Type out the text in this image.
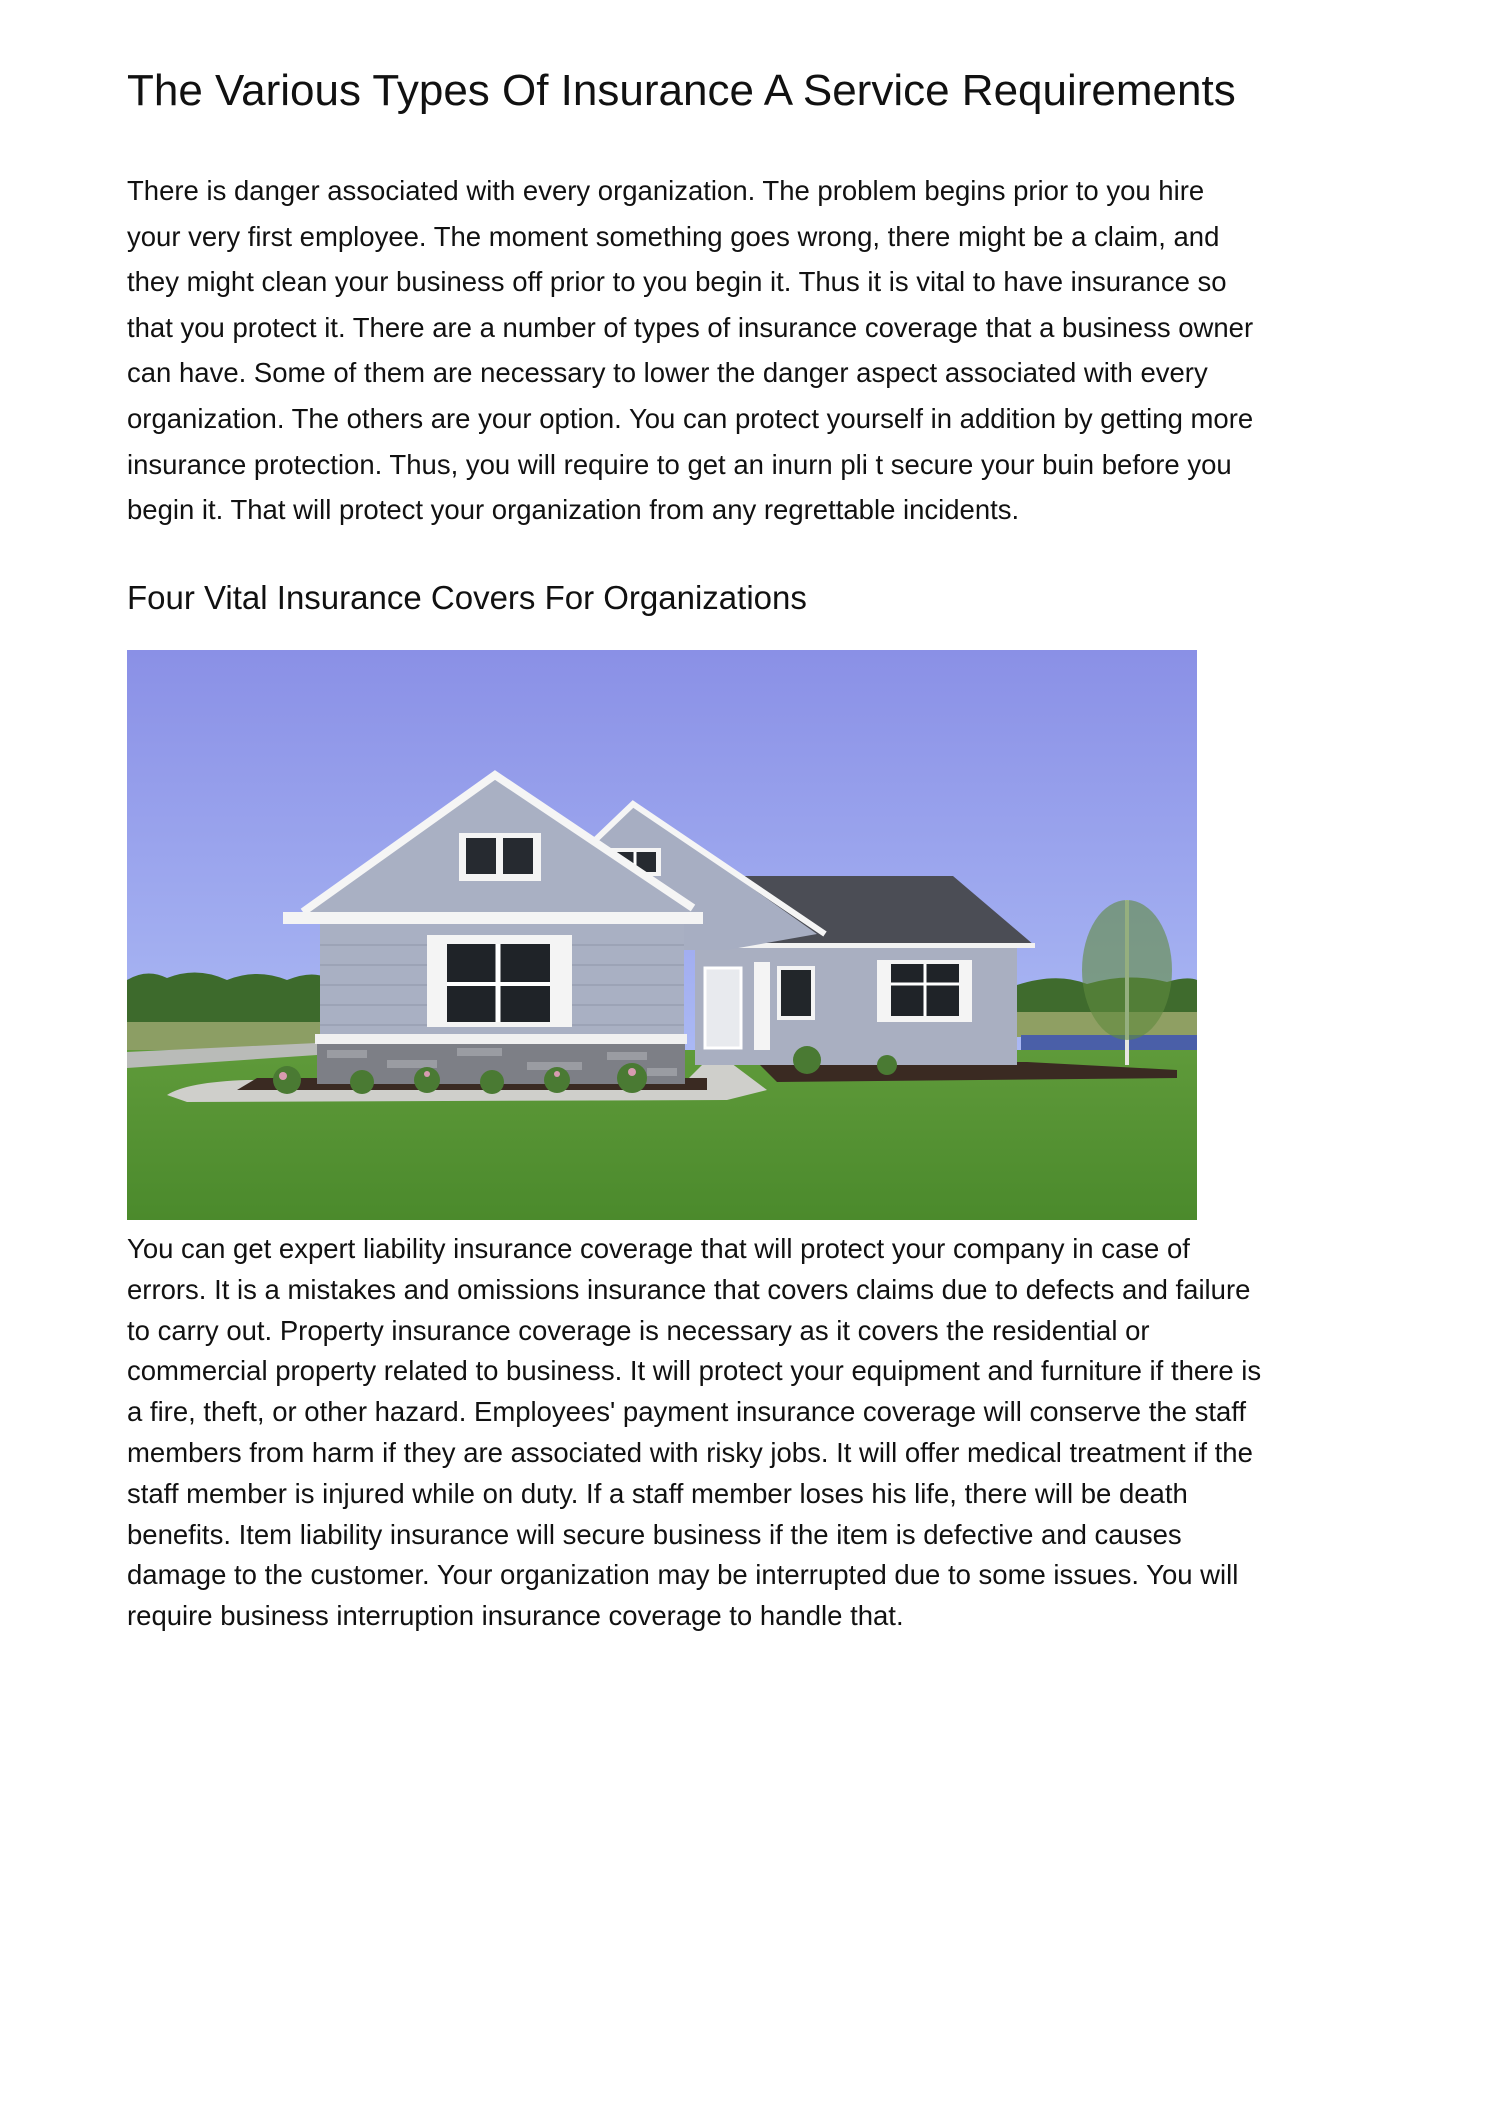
The Various Types Of Insurance A Service Requirements

There is danger associated with every organization. The problem begins prior to you hire
your very first employee. The moment something goes wrong, there might be a claim, and
they might clean your business off prior to you begin it. Thus it is vital to have insurance so
that you protect it. There are a number of types of insurance coverage that a business owner
can have. Some of them are necessary to lower the danger aspect associated with every
organization. The others are your option. You can protect yourself in addition by getting more
insurance protection. Thus, you will require to get an inurn pli t secure your buin before you
begin it. That will protect your organization from any regrettable incidents.

Four Vital Insurance Covers For Organizations

You can get expert liability insurance coverage that will protect your company in case of
errors. It is a mistakes and omissions insurance that covers claims due to defects and failure
to carry out. Property insurance coverage is necessary as it covers the residential or
commercial property related to business. It will protect your equipment and furniture if there is
a fire, theft, or other hazard. Employees' payment insurance coverage will conserve the staff
members from harm if they are associated with risky jobs. It will offer medical treatment if the
staff member is injured while on duty. If a staff member loses his life, there will be death
benefits. Item liability insurance will secure business if the item is defective and causes
damage to the customer. Your organization may be interrupted due to some issues. You will
require business interruption insurance coverage to handle that.
